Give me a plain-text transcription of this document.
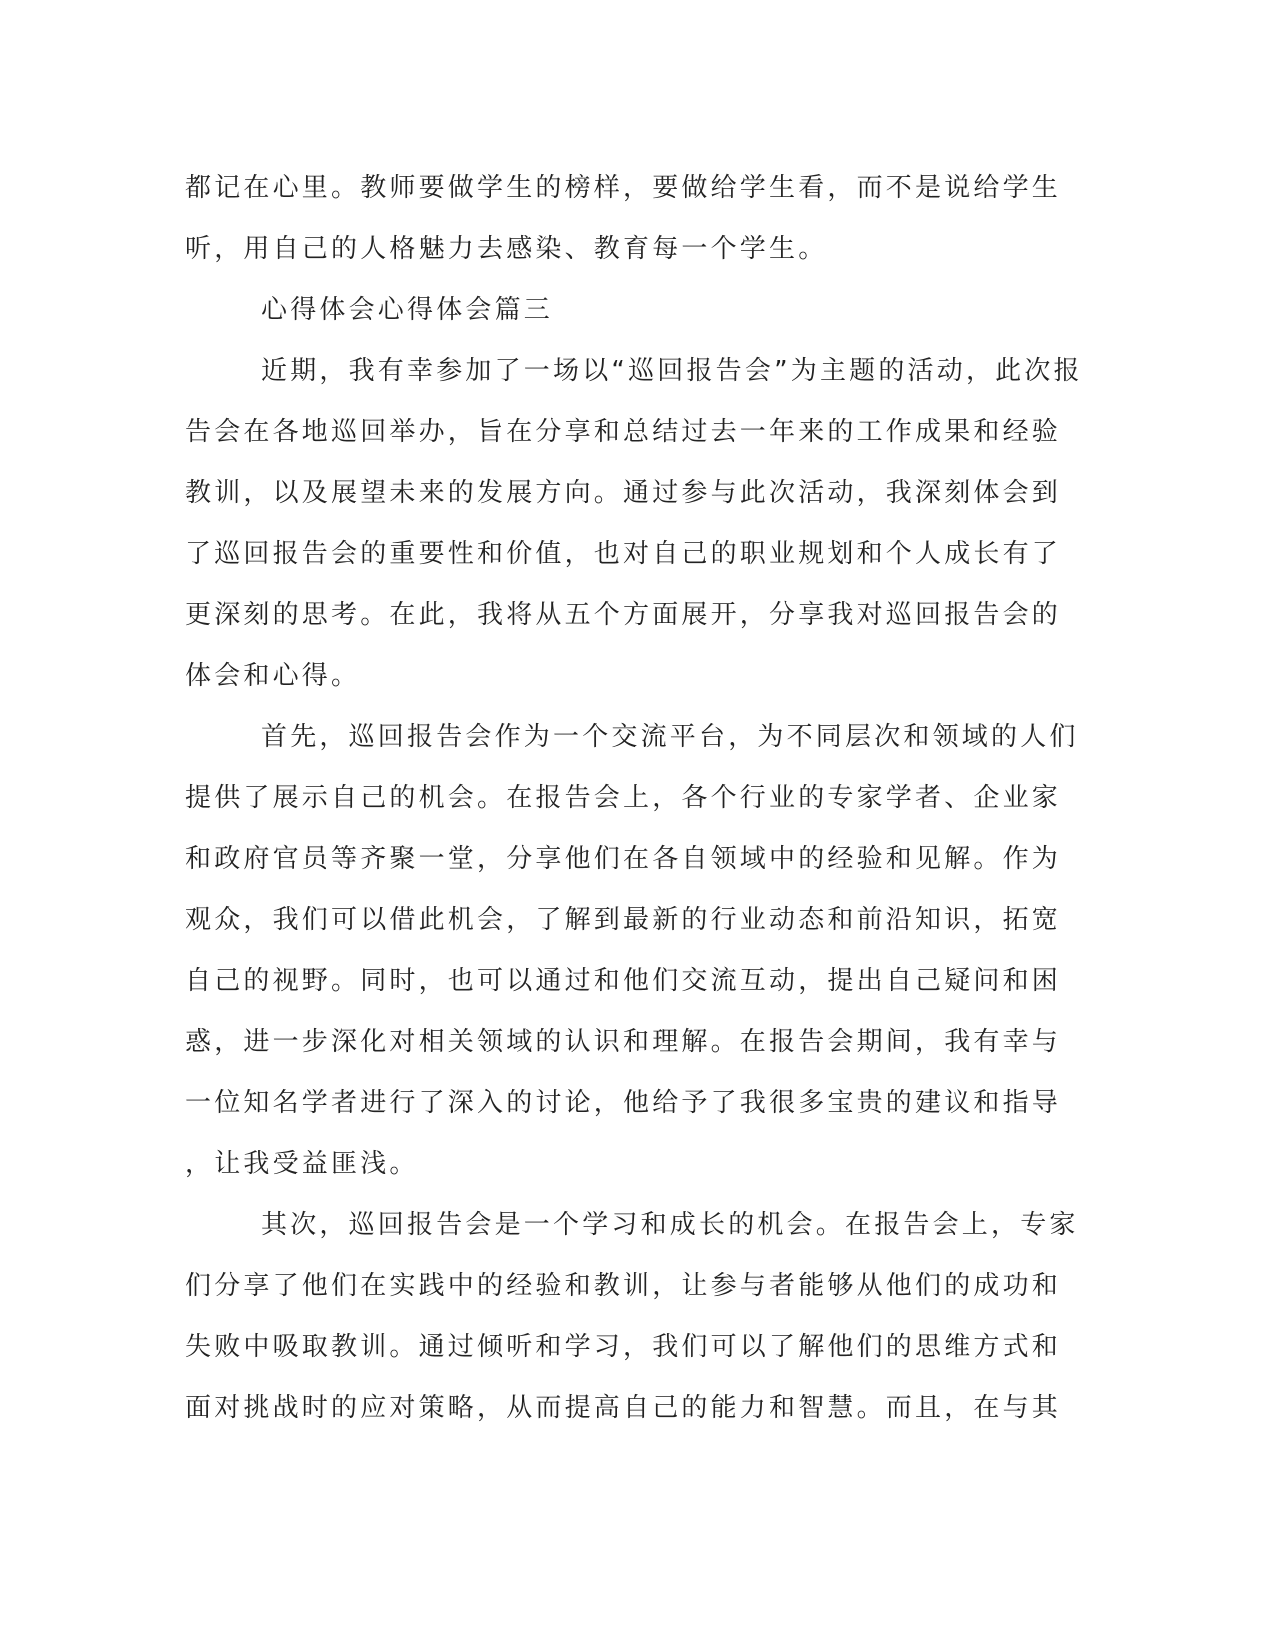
都记在心里。教师要做学生的榜样，要做给学生看，而不是说给学生
听，用自己的人格魅力去感染、教育每一个学生。
心得体会心得体会篇三
近期，我有幸参加了一场以“巡回报告会”为主题的活动，此次报
告会在各地巡回举办，旨在分享和总结过去一年来的工作成果和经验
教训，以及展望未来的发展方向。通过参与此次活动，我深刻体会到
了巡回报告会的重要性和价值，也对自己的职业规划和个人成长有了
更深刻的思考。在此，我将从五个方面展开，分享我对巡回报告会的
体会和心得。
首先，巡回报告会作为一个交流平台，为不同层次和领域的人们
提供了展示自己的机会。在报告会上，各个行业的专家学者、企业家
和政府官员等齐聚一堂，分享他们在各自领域中的经验和见解。作为
观众，我们可以借此机会，了解到最新的行业动态和前沿知识，拓宽
自己的视野。同时，也可以通过和他们交流互动，提出自己疑问和困
惑，进一步深化对相关领域的认识和理解。在报告会期间，我有幸与
一位知名学者进行了深入的讨论，他给予了我很多宝贵的建议和指导
，让我受益匪浅。
其次，巡回报告会是一个学习和成长的机会。在报告会上，专家
们分享了他们在实践中的经验和教训，让参与者能够从他们的成功和
失败中吸取教训。通过倾听和学习，我们可以了解他们的思维方式和
面对挑战时的应对策略，从而提高自己的能力和智慧。而且，在与其
